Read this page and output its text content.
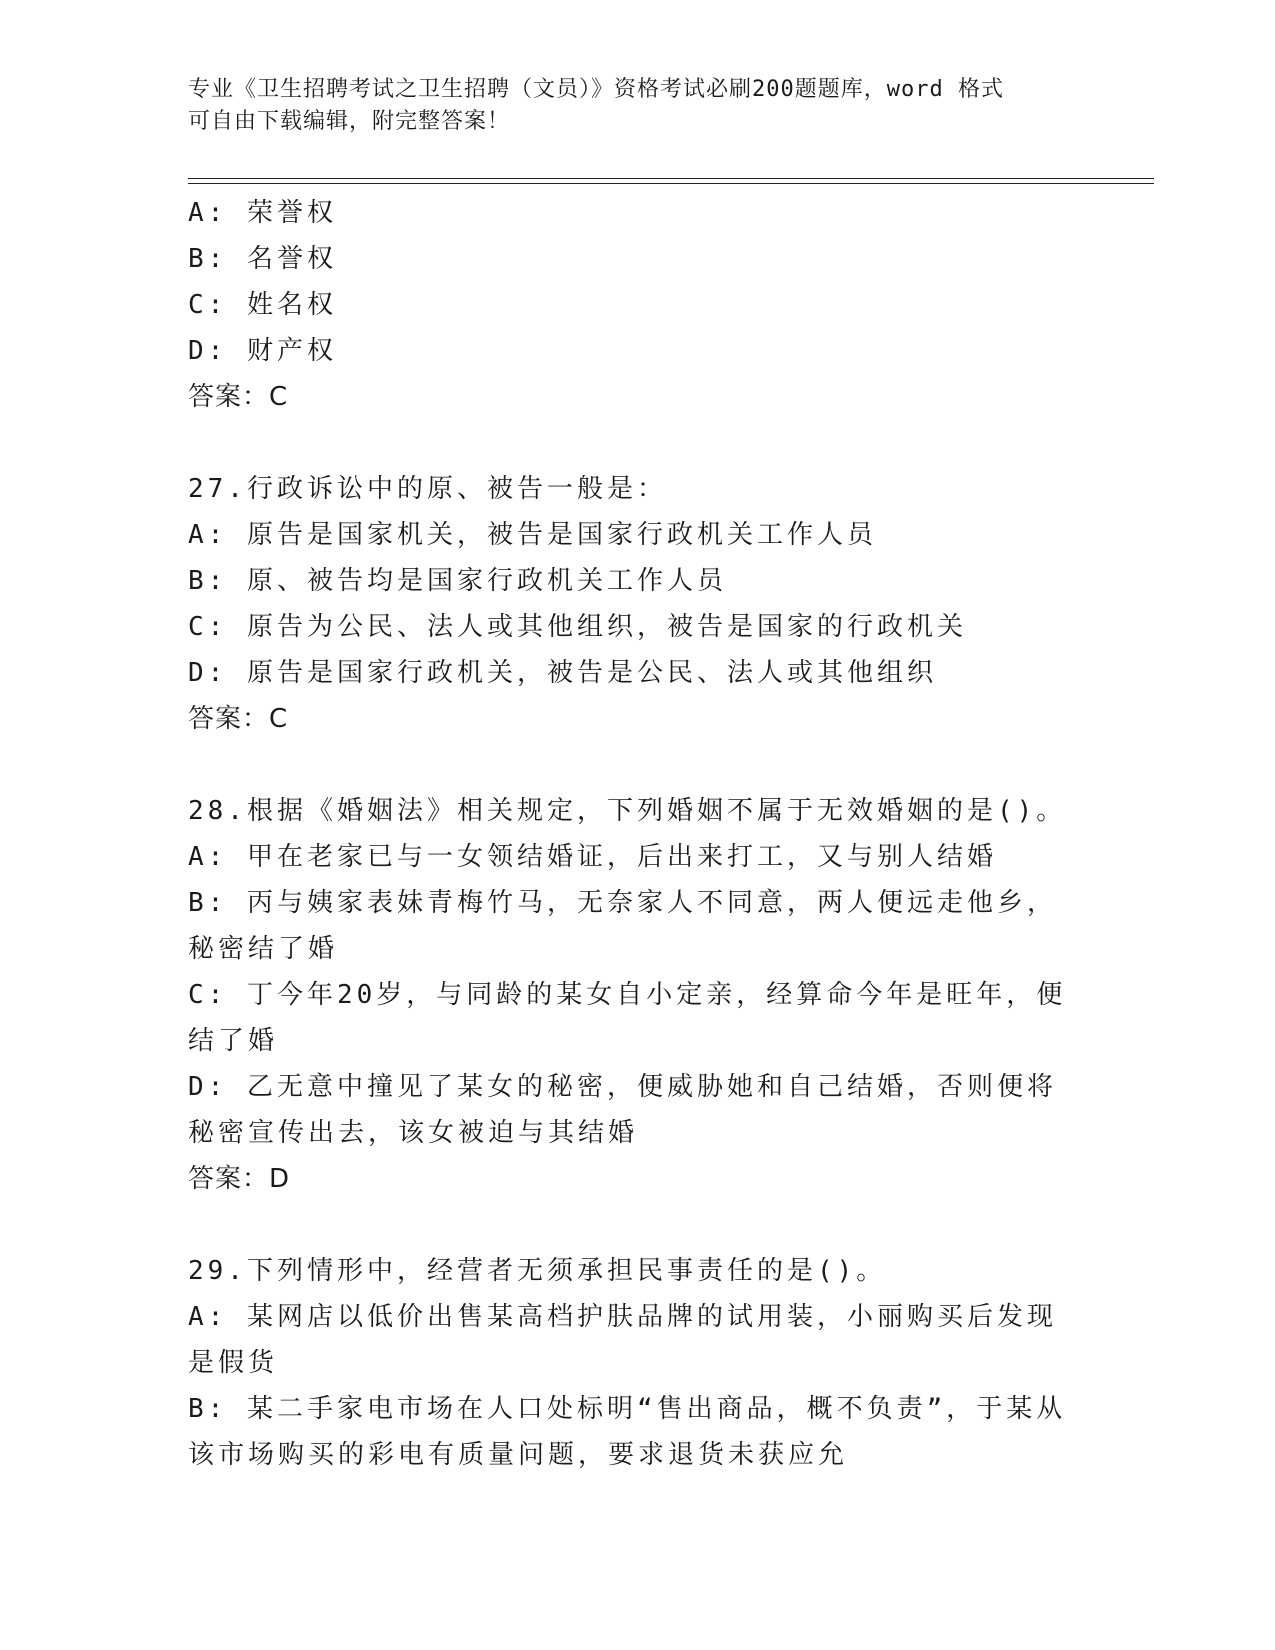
专业《卫生招聘考试之卫生招聘（文员）》资格考试必刷200题题库，word 格式
可自由下载编辑，附完整答案！
A: 荣誉权
B: 名誉权
C: 姓名权
D: 财产权
答案：C
27.行政诉讼中的原、被告一般是：
A: 原告是国家机关，被告是国家行政机关工作人员
B: 原、被告均是国家行政机关工作人员
C: 原告为公民、法人或其他组织，被告是国家的行政机关
D: 原告是国家行政机关，被告是公民、法人或其他组织
答案：C
28.根据《婚姻法》相关规定，下列婚姻不属于无效婚姻的是()。
A: 甲在老家已与一女领结婚证，后出来打工，又与别人结婚
B: 丙与姨家表妹青梅竹马，无奈家人不同意，两人便远走他乡，秘密结了婚
C: 丁今年20岁，与同龄的某女自小定亲，经算命今年是旺年，便结了婚
D: 乙无意中撞见了某女的秘密，便威胁她和自己结婚，否则便将秘密宣传出去，该女被迫与其结婚
答案：D
29.下列情形中，经营者无须承担民事责任的是()。
A: 某网店以低价出售某高档护肤品牌的试用装，小丽购买后发现是假货
B: 某二手家电市场在人口处标明“售出商品，概不负责”，于某从该市场购买的彩电有质量问题，要求退货未获应允
